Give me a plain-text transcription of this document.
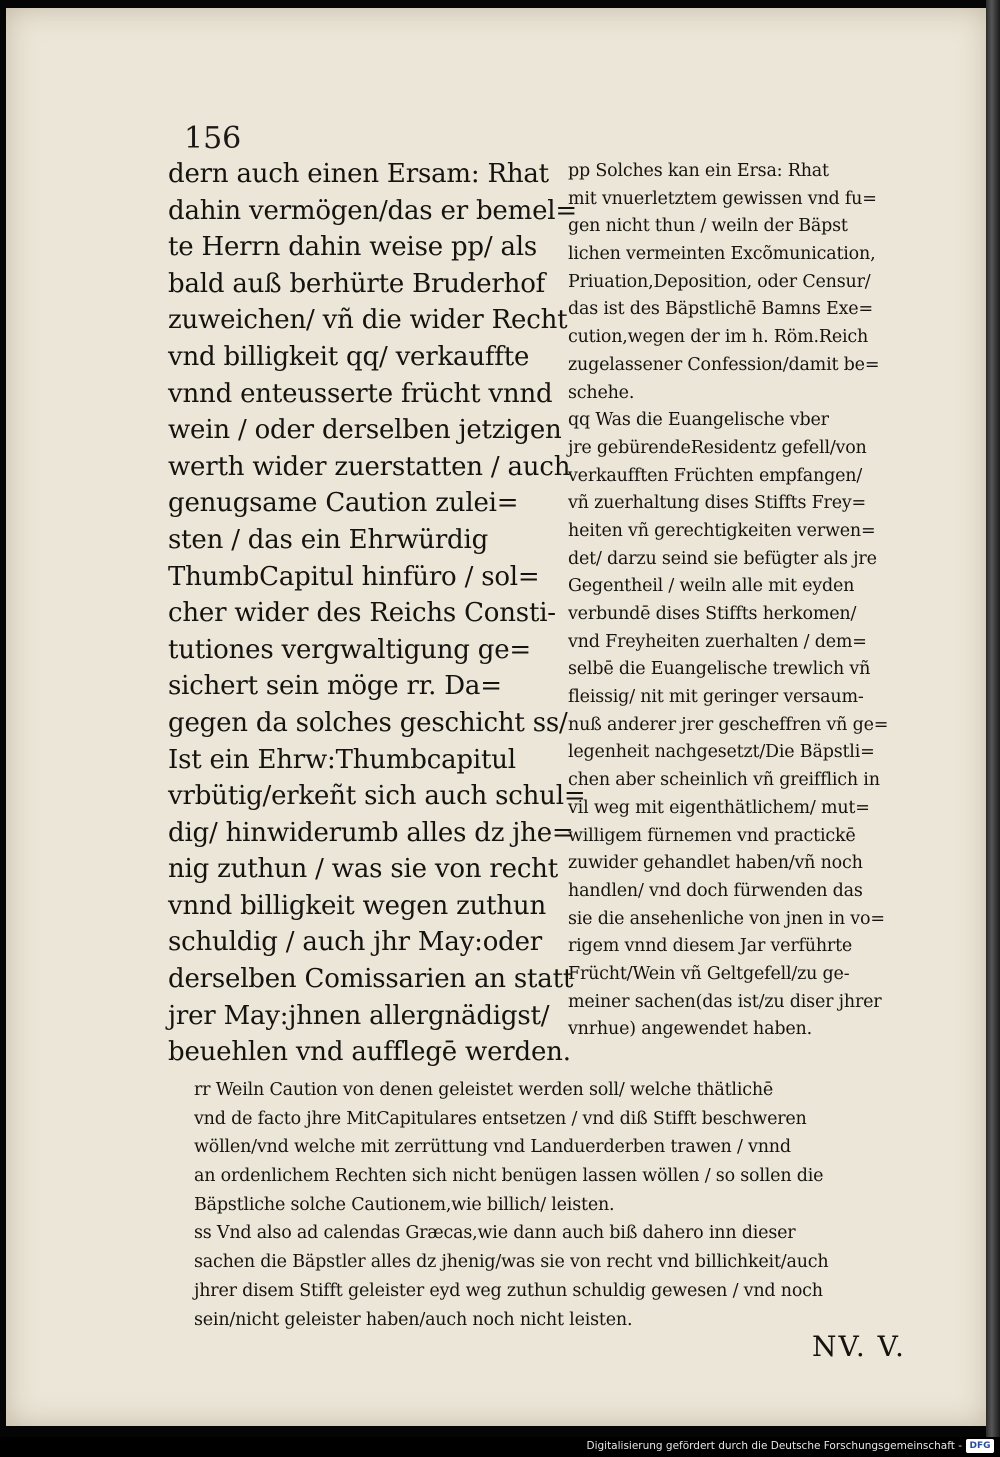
156
dern auch einen Ersam: Rhat
dahin vermögen/das er bemel=
te Herrn dahin weise pp/ als
bald auß berhürte Bruderhof
zuweichen/ vñ die wider Recht
vnd billigkeit qq/ verkauffte
vnnd enteusserte frücht vnnd
wein / oder derselben jetzigen
werth wider zuerstatten / auch
genugsame Caution zulei=
sten / das ein Ehrwürdig
ThumbCapitul hinfüro / sol=
cher wider des Reichs Consti-
tutiones vergwaltigung ge=
sichert sein möge rr. Da=
gegen da solches geschicht ss/
Ist ein Ehrw:Thumbcapitul
vrbütig/erkeñt sich auch schul=
dig/ hinwiderumb alles dz jhe=
nig zuthun / was sie von recht
vnnd billigkeit wegen zuthun
schuldig / auch jhr May:oder
derselben Comissarien an statt
jrer May:jhnen allergnädigst/
beuehlen vnd aufflegē werden.
pp Solches kan ein Ersa: Rhat
mit vnuerletztem gewissen vnd fu=
gen nicht thun / weiln der Bäpst
lichen vermeinten Excõmunication,
Priuation,Deposition, oder Censur/
das ist des Bäpstlichē Bamns Exe=
cution,wegen der im h. Röm.Reich
zugelassener Confession/damit be=
schehe.
qq Was die Euangelische vber
jre gebürendeResidentz gefell/von
verkaufften Früchten empfangen/
vñ zuerhaltung dises Stiffts Frey=
heiten vñ gerechtigkeiten verwen=
det/ darzu seind sie befügter als jre
Gegentheil / weiln alle mit eyden
verbundē dises Stiffts herkomen/
vnd Freyheiten zuerhalten / dem=
selbē die Euangelische trewlich vñ
fleissig/ nit mit geringer versaum-
nuß anderer jrer gescheffren vñ ge=
legenheit nachgesetzt/Die Bäpstli=
chen aber scheinlich vñ greifflich in
vil weg mit eigenthätlichem/ mut=
willigem fürnemen vnd practickē
zuwider gehandlet haben/vñ noch
handlen/ vnd doch fürwenden das
sie die ansehenliche von jnen in vo=
rigem vnnd diesem Jar verführte
Frücht/Wein vñ Geltgefell/zu ge-
meiner sachen(das ist/zu diser jhrer
vnrhue) angewendet haben.
rr Weiln Caution von denen geleistet werden soll/ welche thätlichē
vnd de facto jhre MitCapitulares entsetzen / vnd diß Stifft beschweren
wöllen/vnd welche mit zerrüttung vnd Landuerderben trawen / vnnd
an ordenlichem Rechten sich nicht benügen lassen wöllen / so sollen die
Bäpstliche solche Cautionem,wie billich/ leisten.
ss Vnd also ad calendas Græcas,wie dann auch biß dahero inn dieser
sachen die Bäpstler alles dz jhenig/was sie von recht vnd billichkeit/auch
jhrer disem Stifft geleister eyd weg zuthun schuldig gewesen / vnd noch
sein/nicht geleister haben/auch noch nicht leisten.
NV. V.
Digitalisierung gefördert durch die Deutsche Forschungsgemeinschaft - DFG
